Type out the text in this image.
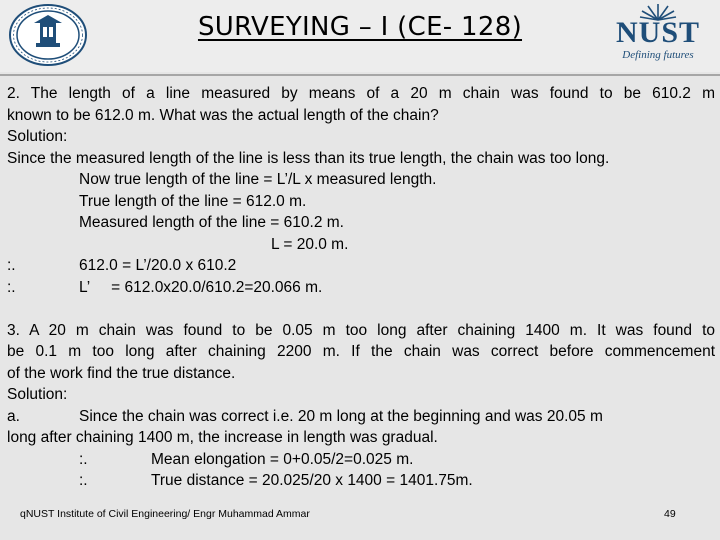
SURVEYING – I (CE- 128)	NUST
Defining futures
2. The length of a line measured by means of a 20 m chain was found to be 610.2 m
known to be 612.0 m. What was the actual length of the chain?
Solution:
Since the measured length of the line is less than its true length, the chain was too long.
Now true length of the line = L’/L x measured length.
True length of the line = 612.0 m.
Measured length of the line = 610.2 m.
L = 20.0 m.
:.	612.0 = L’/20.0 x 610.2
:.	L’     = 612.0x20.0/610.2=20.066 m.
3. A 20 m chain was found to be 0.05 m too long after chaining 1400 m. It was found to
be 0.1 m too long after chaining 2200 m. If the chain was correct before commencement
of the work find the true distance.
Solution:
a.	Since the chain was correct i.e. 20 m long at the beginning and was 20.05 m
long after chaining 1400 m, the increase in length was gradual.
:.	Mean elongation = 0+0.05/2=0.025 m.
:.	True distance = 20.025/20 x 1400 = 1401.75m.
qNUST Institute of Civil Engineering/ Engr Muhammad Ammar	49
